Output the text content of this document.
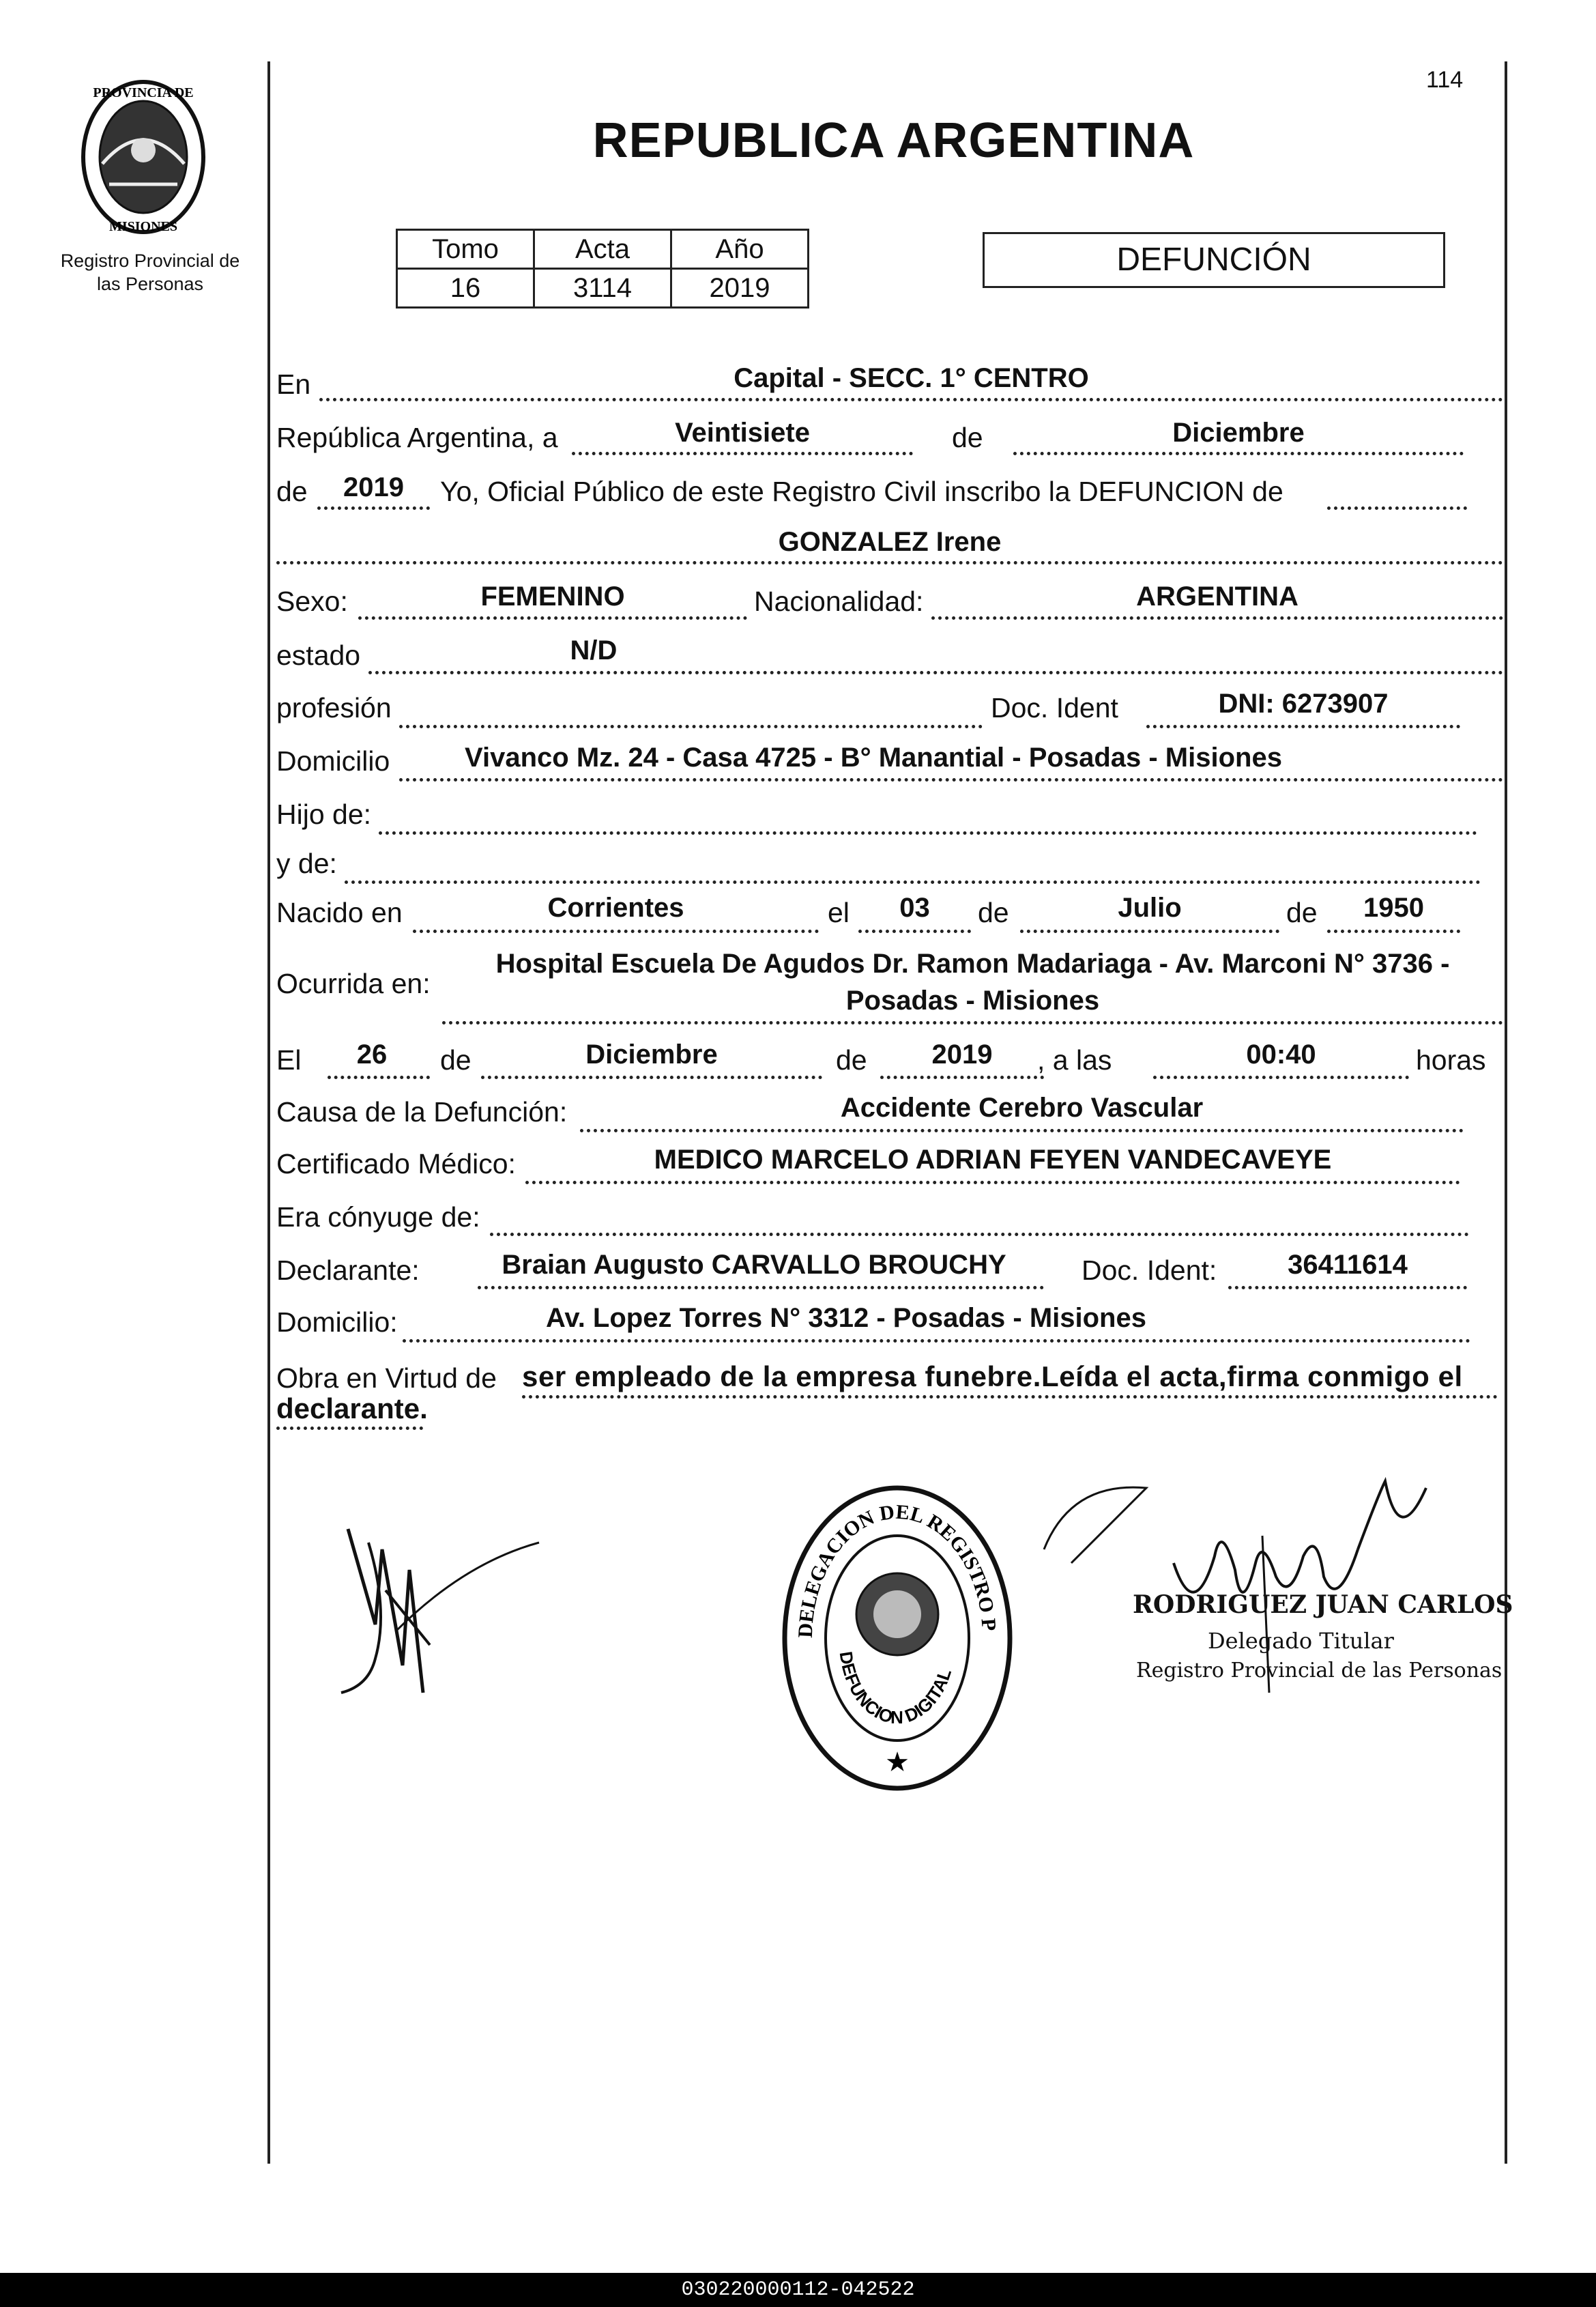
PROVINCIA DE
MISIONES
Registro Provincial de
las Personas
114
REPUBLICA ARGENTINA
Tomo	Acta	Año
16	3114	2019
DEFUNCIÓN
En	Capital - SECC. 1° CENTRO
República Argentina, a	Veintisiete	de	Diciembre
de	2019	Yo, Oficial Público de este Registro Civil inscribo la DEFUNCION de
GONZALEZ Irene
Sexo:	FEMENINO	Nacionalidad:	ARGENTINA
estado	N/D
profesión	Doc. Ident	DNI: 6273907
Domicilio	Vivanco Mz. 24 - Casa 4725 - B° Manantial - Posadas - Misiones
Hijo de:
y de:
Nacido en	Corrientes	el	03	de	Julio	de	1950
Ocurrida en:
Hospital Escuela De Agudos Dr. Ramon Madariaga - Av. Marconi N° 3736 -
Posadas - Misiones
El	26	de	Diciembre	de	2019	, a las	00:40	horas
Causa de la Defunción:	Accidente Cerebro Vascular
Certificado Médico:	MEDICO MARCELO ADRIAN FEYEN VANDECAVEYE
Era cónyuge de:
Declarante:	Braian Augusto CARVALLO BROUCHY	Doc. Ident:	36411614
Domicilio:	Av. Lopez Torres N° 3312 - Posadas - Misiones
Obra en Virtud de ser empleado de la empresa funebre.Leída el acta,firma conmigo el
declarante.
DELEGACION DEL REGISTRO P
DEFUNCION DIGITAL
★
RODRIGUEZ JUAN CARLOS
Delegado Titular
Registro Provincial de las Personas
030220000112-042522
